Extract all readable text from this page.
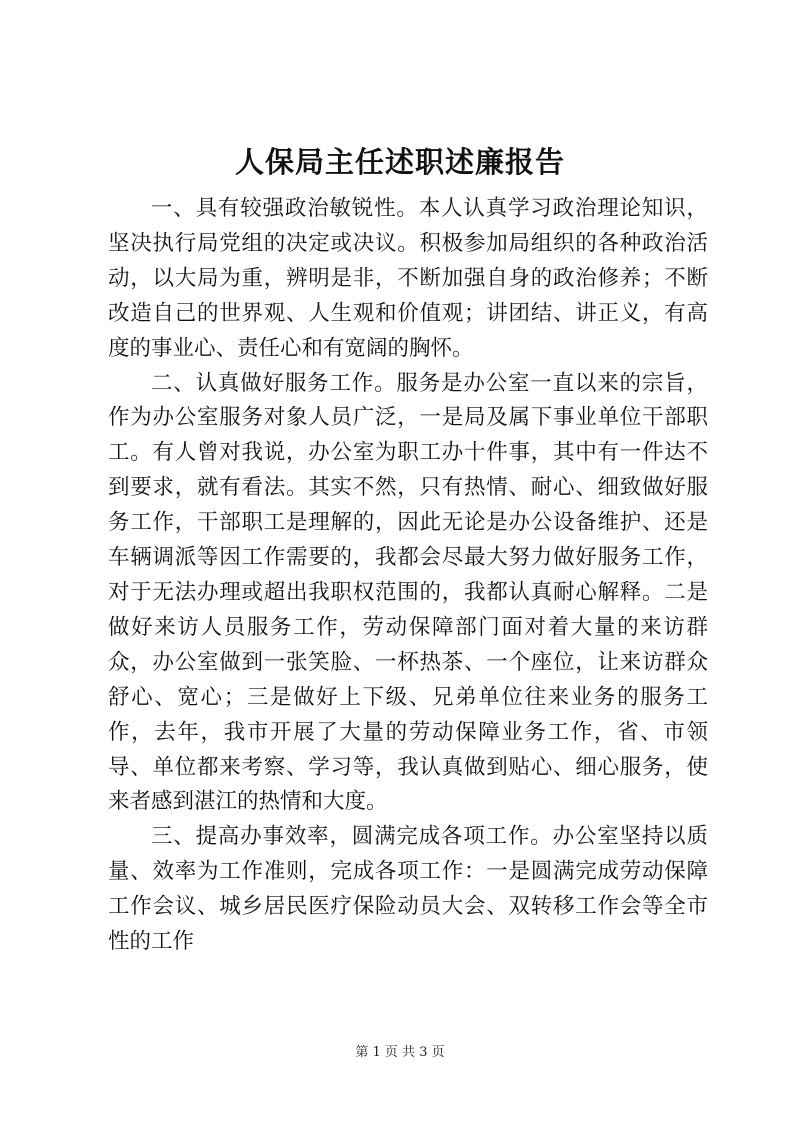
人保局主任述职述廉报告

一、具有较强政治敏锐性。本人认真学习政治理论知识，坚决执行局党组的决定或决议。积极参加局组织的各种政治活动，以大局为重，辨明是非，不断加强自身的政治修养；不断改造自己的世界观、人生观和价值观；讲团结、讲正义，有高度的事业心、责任心和有宽阔的胸怀。

二、认真做好服务工作。服务是办公室一直以来的宗旨，作为办公室服务对象人员广泛，一是局及属下事业单位干部职工。有人曾对我说，办公室为职工办十件事，其中有一件达不到要求，就有看法。其实不然，只有热情、耐心、细致做好服务工作，干部职工是理解的，因此无论是办公设备维护、还是车辆调派等因工作需要的，我都会尽最大努力做好服务工作，对于无法办理或超出我职权范围的，我都认真耐心解释。二是做好来访人员服务工作，劳动保障部门面对着大量的来访群众，办公室做到一张笑脸、一杯热茶、一个座位，让来访群众舒心、宽心；三是做好上下级、兄弟单位往来业务的服务工作，去年，我市开展了大量的劳动保障业务工作，省、市领导、单位都来考察、学习等，我认真做到贴心、细心服务，使来者感到湛江的热情和大度。

三、提高办事效率，圆满完成各项工作。办公室坚持以质量、效率为工作准则，完成各项工作：一是圆满完成劳动保障工作会议、城乡居民医疗保险动员大会、双转移工作会等全市性的工作

第 1 页 共 3 页
